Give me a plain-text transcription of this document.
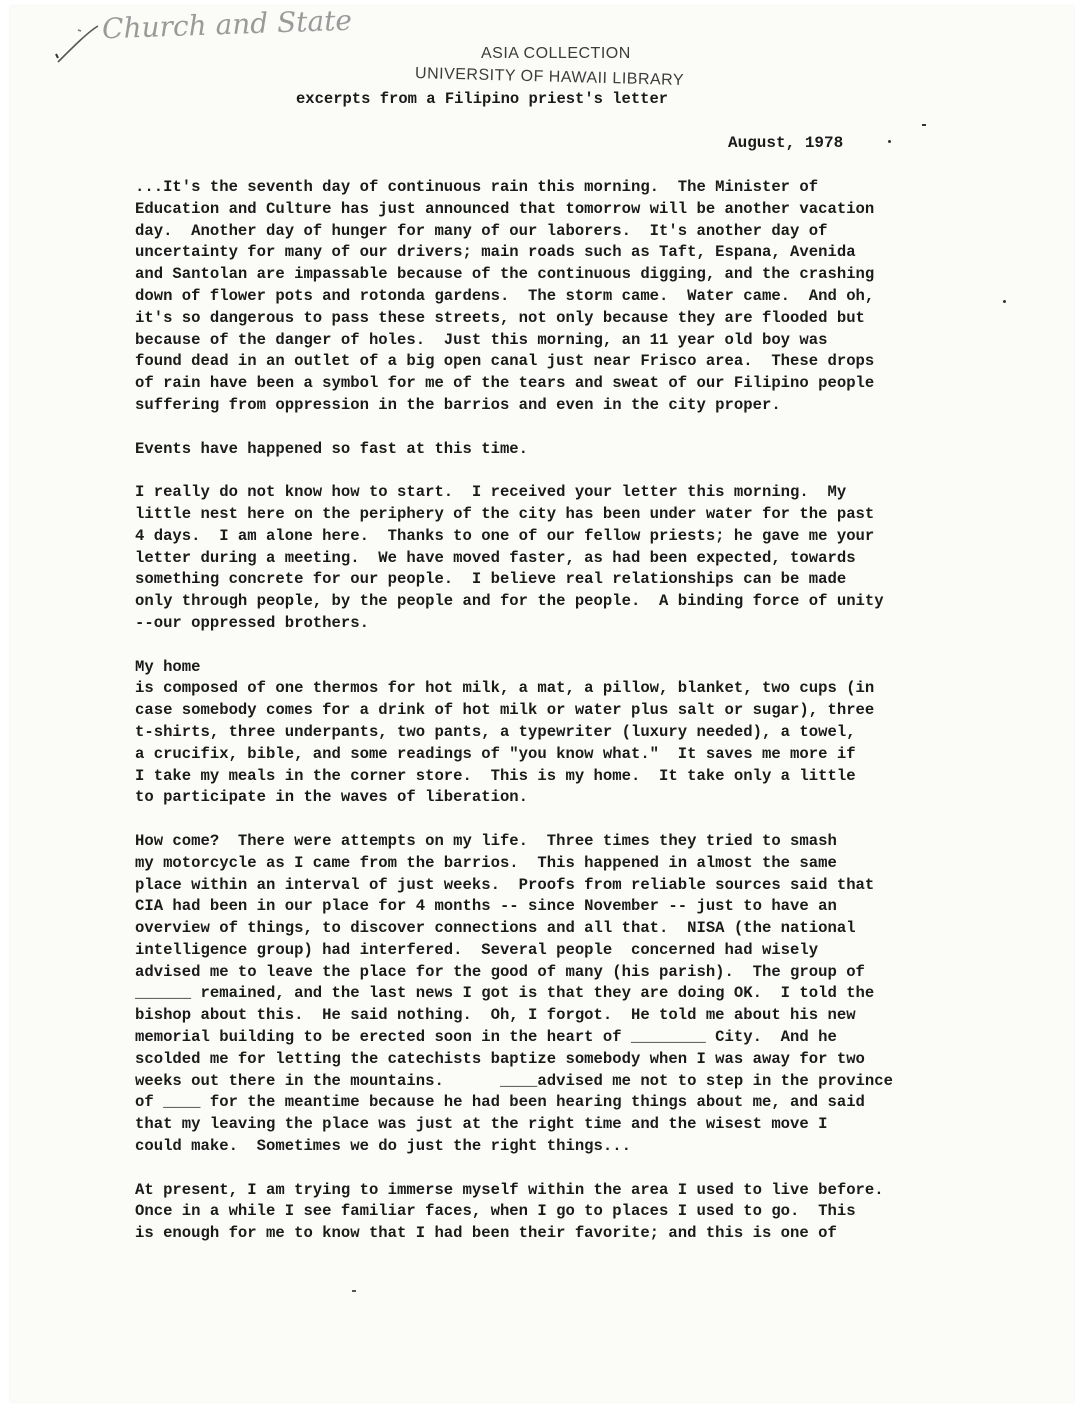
Church and State
ASIA COLLECTION
UNIVERSITY OF HAWAII LIBRARY
excerpts from a Filipino priest's letter
August, 1978
...It's the seventh day of continuous rain this morning.  The Minister of
Education and Culture has just announced that tomorrow will be another vacation
day.  Another day of hunger for many of our laborers.  It's another day of
uncertainty for many of our drivers; main roads such as Taft, Espana, Avenida
and Santolan are impassable because of the continuous digging, and the crashing
down of flower pots and rotonda gardens.  The storm came.  Water came.  And oh,
it's so dangerous to pass these streets, not only because they are flooded but
because of the danger of holes.  Just this morning, an 11 year old boy was
found dead in an outlet of a big open canal just near Frisco area.  These drops
of rain have been a symbol for me of the tears and sweat of our Filipino people
suffering from oppression in the barrios and even in the city proper.
Events have happened so fast at this time.
I really do not know how to start.  I received your letter this morning.  My
little nest here on the periphery of the city has been under water for the past
4 days.  I am alone here.  Thanks to one of our fellow priests; he gave me your
letter during a meeting.  We have moved faster, as had been expected, towards
something concrete for our people.  I believe real relationships can be made
only through people, by the people and for the people.  A binding force of unity
--our oppressed brothers.
My home
is composed of one thermos for hot milk, a mat, a pillow, blanket, two cups (in
case somebody comes for a drink of hot milk or water plus salt or sugar), three
t-shirts, three underpants, two pants, a typewriter (luxury needed), a towel,
a crucifix, bible, and some readings of "you know what."  It saves me more if
I take my meals in the corner store.  This is my home.  It take only a little
to participate in the waves of liberation.
How come?  There were attempts on my life.  Three times they tried to smash
my motorcycle as I came from the barrios.  This happened in almost the same
place within an interval of just weeks.  Proofs from reliable sources said that
CIA had been in our place for 4 months -- since November -- just to have an
overview of things, to discover connections and all that.  NISA (the national
intelligence group) had interfered.  Several people  concerned had wisely
advised me to leave the place for the good of many (his parish).  The group of
______ remained, and the last news I got is that they are doing OK.  I told the
bishop about this.  He said nothing.  Oh, I forgot.  He told me about his new
memorial building to be erected soon in the heart of ________ City.  And he
scolded me for letting the catechists baptize somebody when I was away for two
weeks out there in the mountains.      ____advised me not to step in the province
of ____ for the meantime because he had been hearing things about me, and said
that my leaving the place was just at the right time and the wisest move I
could make.  Sometimes we do just the right things...
At present, I am trying to immerse myself within the area I used to live before.
Once in a while I see familiar faces, when I go to places I used to go.  This
is enough for me to know that I had been their favorite; and this is one of
